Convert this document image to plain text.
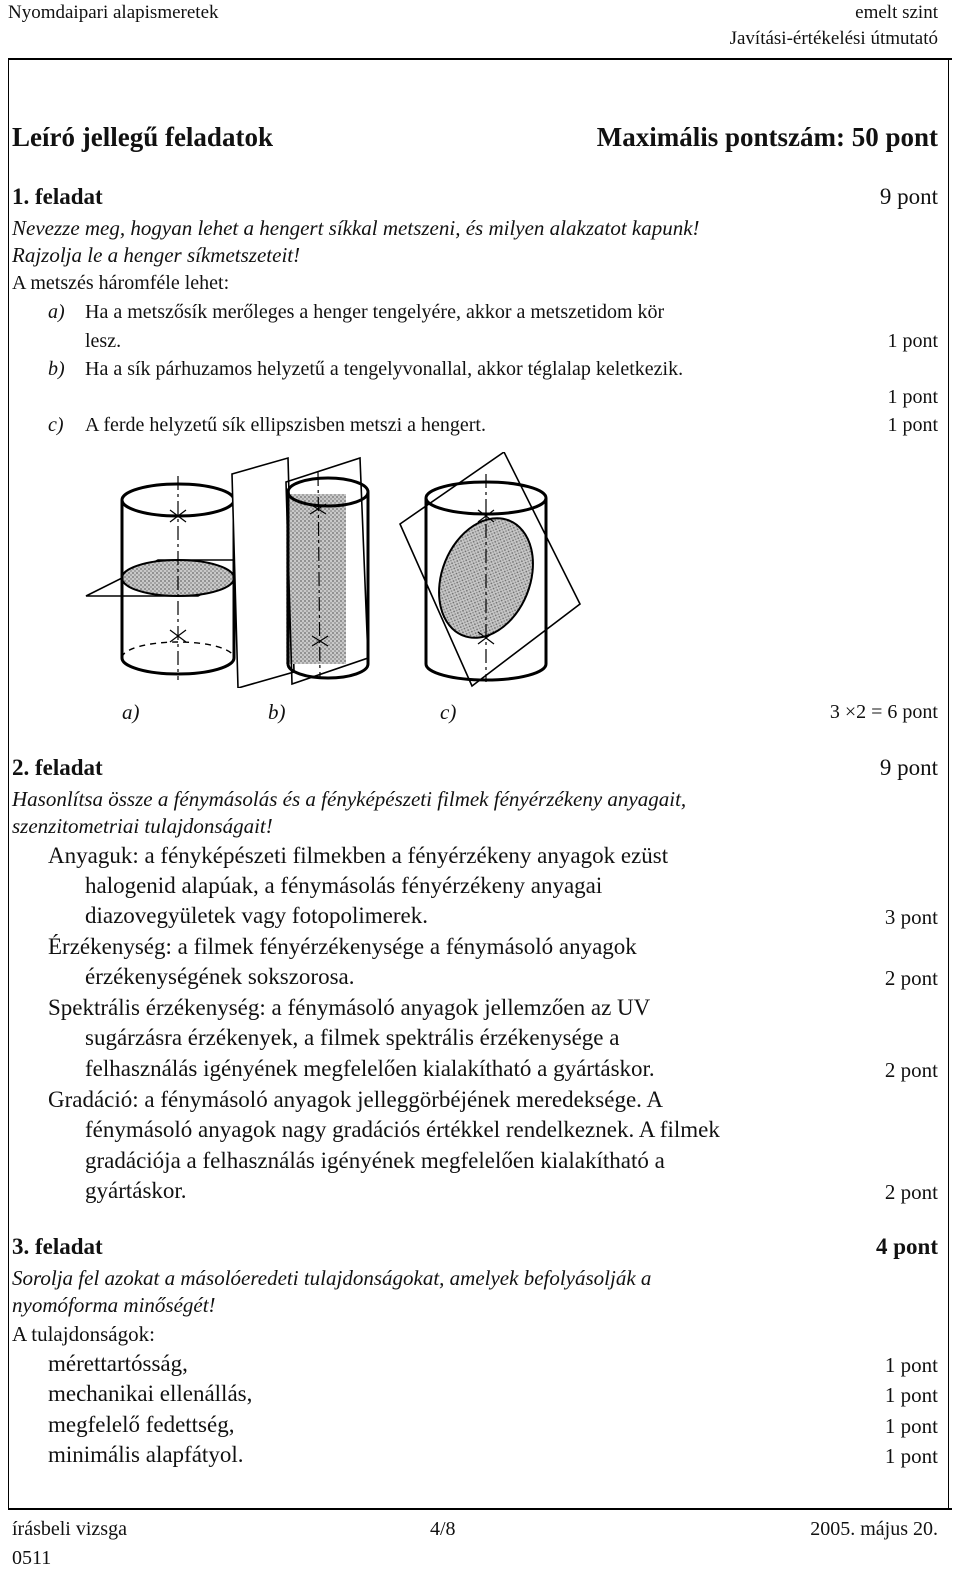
Nyomdaipari alapismeretek	emelt szint
Javítási-értékelési útmutató
Leíró jellegű feladatok	Maximális pontszám: 50 pont
1. feladat	9 pont
Nevezze meg, hogyan lehet a hengert síkkal metszeni, és milyen alakzatot kapunk!
Rajzolja le a henger síkmetszeteit!
A metszés háromféle lehet:
a) Ha a metszősík merőleges a henger tengelyére, akkor a metszetidom kör
lesz.	1 pont
b) Ha a sík párhuzamos helyzetű a tengelyvonallal, akkor téglalap keletkezik.
1 pont
c) A ferde helyzetű sík ellipszisben metszi a hengert.	1 pont
a)	b)	c)	3 ×2 = 6 pont
2. feladat	9 pont
Hasonlítsa össze a fénymásolás és a fényképészeti filmek fényérzékeny anyagait,
szenzitometriai tulajdonságait!
Anyaguk: a fényképészeti filmekben a fényérzékeny anyagok ezüst
halogenid alapúak, a fénymásolás fényérzékeny anyagai
diazovegyületek vagy fotopolimerek.	3 pont
Érzékenység: a filmek fényérzékenysége a fénymásoló anyagok
érzékenységének sokszorosa.	2 pont
Spektrális érzékenység: a fénymásoló anyagok jellemzően az UV
sugárzásra érzékenyek, a filmek spektrális érzékenysége a
felhasználás igényének megfelelően kialakítható a gyártáskor.	2 pont
Gradáció: a fénymásoló anyagok jelleggörbéjének meredeksége. A
fénymásoló anyagok nagy gradációs értékkel rendelkeznek. A filmek
gradációja a felhasználás igényének megfelelően kialakítható a
gyártáskor.	2 pont
3. feladat	4 pont
Sorolja fel azokat a másolóeredeti tulajdonságokat, amelyek befolyásolják a
nyomóforma minőségét!
A tulajdonságok:
mérettartósság,	1 pont
mechanikai ellenállás,	1 pont
megfelelő fedettség,	1 pont
minimális alapfátyol.	1 pont
írásbeli vizsga
0511
4/8	2005. május 20.
